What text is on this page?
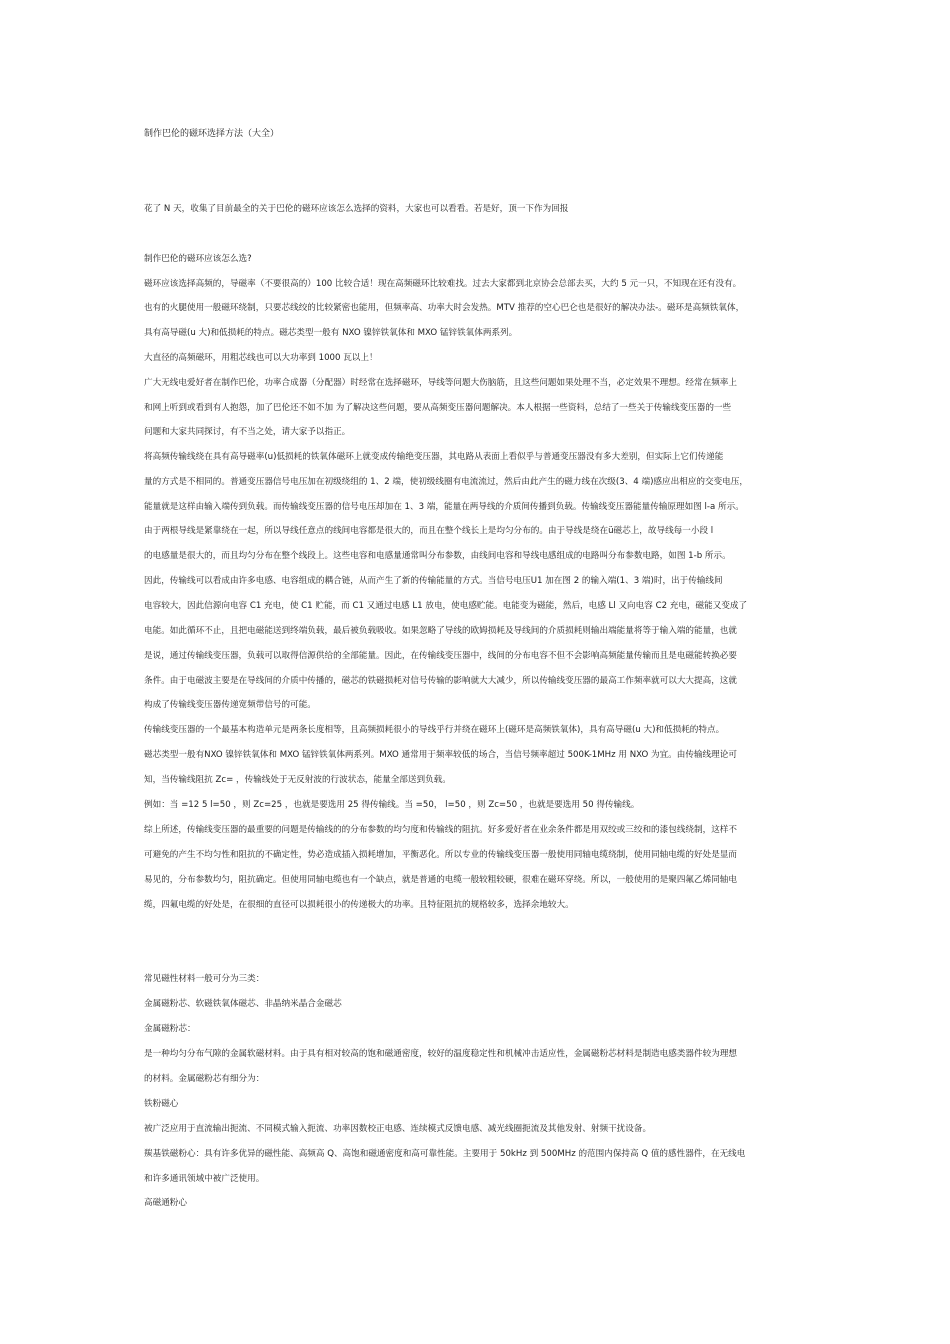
制作巴伦的磁环选择方法（大全）
花了 N 天，收集了目前最全的关于巴伦的磁环应该怎么选择的资料，大家也可以看看。若是好，顶一下作为回报
制作巴伦的磁环应该怎么选?
磁环应该选择高频的，导磁率（不要很高的）100 比较合适！现在高频磁环比较难找。过去大家都到北京协会总部去买，大约 5 元一只，不知现在还有没有。
也有的火腿使用一般磁环绕制，只要芯线绞的比较紧密也能用，但频率高、功率大时会发热。MTV 推荐的空心巴仑也是很好的解决办法-。磁环是高频铁氧体，
具有高导磁(u 大)和低损耗的特点。磁芯类型一般有 NXO 镍锌铁氧体和 MXO 锰锌铁氧体两系列。
大直径的高频磁环，用粗芯线也可以大功率到 1000 瓦以上！
广大无线电爱好者在制作巴伦，功率合成器（分配器）时经常在选择磁环，导线等问题大伤脑筋，且这些问题如果处理不当，必定效果不理想。经常在频率上
和网上听到或看到有人抱怨，加了巴伦还不如不加 为了解决这些问题，要从高频变压器问题解决。本人根据一些资料，总结了一些关于传输线变压器的一些
问题和大家共同探讨，有不当之处，请大家予以指正。
将高频传输线绕在具有高导磁率(u)低损耗的铁氧体磁环上就变成传输绝变压器，其电路从表面上看似乎与普通变压器没有多大差别，但实际上它们传递能
量的方式是不相同的。普通变压器信号电压加在初级绕组的 1、2 端，使初级线圈有电流流过，然后由此产生的磁力线在次级(3、4 端)感应出相应的交变电压，
能量就是这样由输入端传到负载。而传输线变压器的信号电压却加在 1、3 端，能量在两导线的介质间传播到负载。传输线变压器能量传输原理如图 l-a 所示。
由于两根导线是紧靠绕在一起，所以导线任意点的线间电容都是很大的，而且在整个线长上是均匀分布的。由于导线是绕在ü磁芯上，故导线每一小段 l
的电感量是很大的，而且均匀分布在整个线段上。这些电容和电感量通常叫分布参数，由线间电容和导线电感组成的电路叫分布参数电路，如图 1-b 所示。
因此，传输线可以看成由许多电感、电容组成的耦合链，从而产生了新的传输能量的方式。当信号电压U1 加在图 2 的输入端(1、3 端)时，出于传输线间
电容较大，因此信源向电容 C1 充电，使 C1 贮能，而 C1 又通过电感 L1 放电，使电感贮能。电能变为磁能，然后，电感 Ll 又向电容 C2 充电，磁能又变成了
电能。如此循环不止，且把电磁能送到终端负载，最后被负载吸收。如果忽略了导线的欧姆损耗及导线间的介质损耗则输出端能量将等于输入端的能量，也就
是说，通过传输线变压器，负载可以取得信源供给的全部能量。因此，在传输线变压器中，线间的分布电容不但不会影响高频能量传输而且是电磁能转换必要
条件。由于电磁波主要是在导线间的介质中传播的，磁芯的铁磁损耗对信号传输的影响就大大减少，所以传输线变压器的最高工作频率就可以大大提高，这就
构成了传输线变压器传递宽频带信号的可能。
传输线变压器的一个最基本构造单元是两条长度相等，且高频损耗很小的导线乎行并绕在磁环上(磁环是高频铁氧体)，具有高导磁(u 大)和低损耗的特点。
磁芯类型一般有NXO 镍锌铁氧体和 MXO 锰锌铁氧体两系列。MXO 通常用于频率较低的场合，当信号频率超过 500K-1MHz 用 NXO 为宜。由传输线理论可
知，当传输线阻抗 Zc= ，传输线处于无反射波的行波状态，能量全部送到负载。
例如：当 =12 5 l=50 ，则 Zc=25 ，也就是要选用 25 得传输线。当 =50， l=50 ，则 Zc=50 ，也就是要选用 50 得传输线。
综上所述，传输线变压器的最重要的问题是传输线的的分布参数的均匀度和传输线的阻抗。好多爱好者在业余条件都是用双绞或三绞和的漆包线绕制，这样不
可避免的产生不均匀性和阻抗的不确定性，势必造成插入损耗增加，平衡恶化。所以专业的传输线变压器一般使用同轴电缆绕制，使用同轴电缆的好处是显而
易见的，分布参数均匀，阻抗确定。但使用同轴电缆也有一个缺点，就是普通的电缆一般较粗较硬，很难在磁环穿绕。所以，一般使用的是聚四氟乙烯同轴电
缆，四氟电缆的好处是，在很细的直径可以损耗很小的传递极大的功率。且特征阻抗的规格较多，选择余地较大。
常见磁性材料一般可分为三类：
金属磁粉芯、软磁铁氧体磁芯、非晶纳米晶合金磁芯
金属磁粉芯：
是一种均匀分布气隙的金属软磁材料。由于具有相对较高的饱和磁通密度，较好的温度稳定性和机械冲击适应性，金属磁粉芯材料是制造电感类器件较为理想
的材料。金属磁粉芯有细分为：
铁粉磁心
被广泛应用于直流输出扼流、不同模式输入扼流、功率因数校正电感、连续模式反馈电感、减光线圈扼流及其他发射、射频干扰设备。
羰基铁磁粉心：具有许多优异的磁性能、高频高 Q、高饱和磁通密度和高可靠性能。主要用于 50kHz 到 500MHz 的范围内保持高 Q 值的感性器件，在无线电
和许多通讯领域中被广泛使用。
高磁通粉心
